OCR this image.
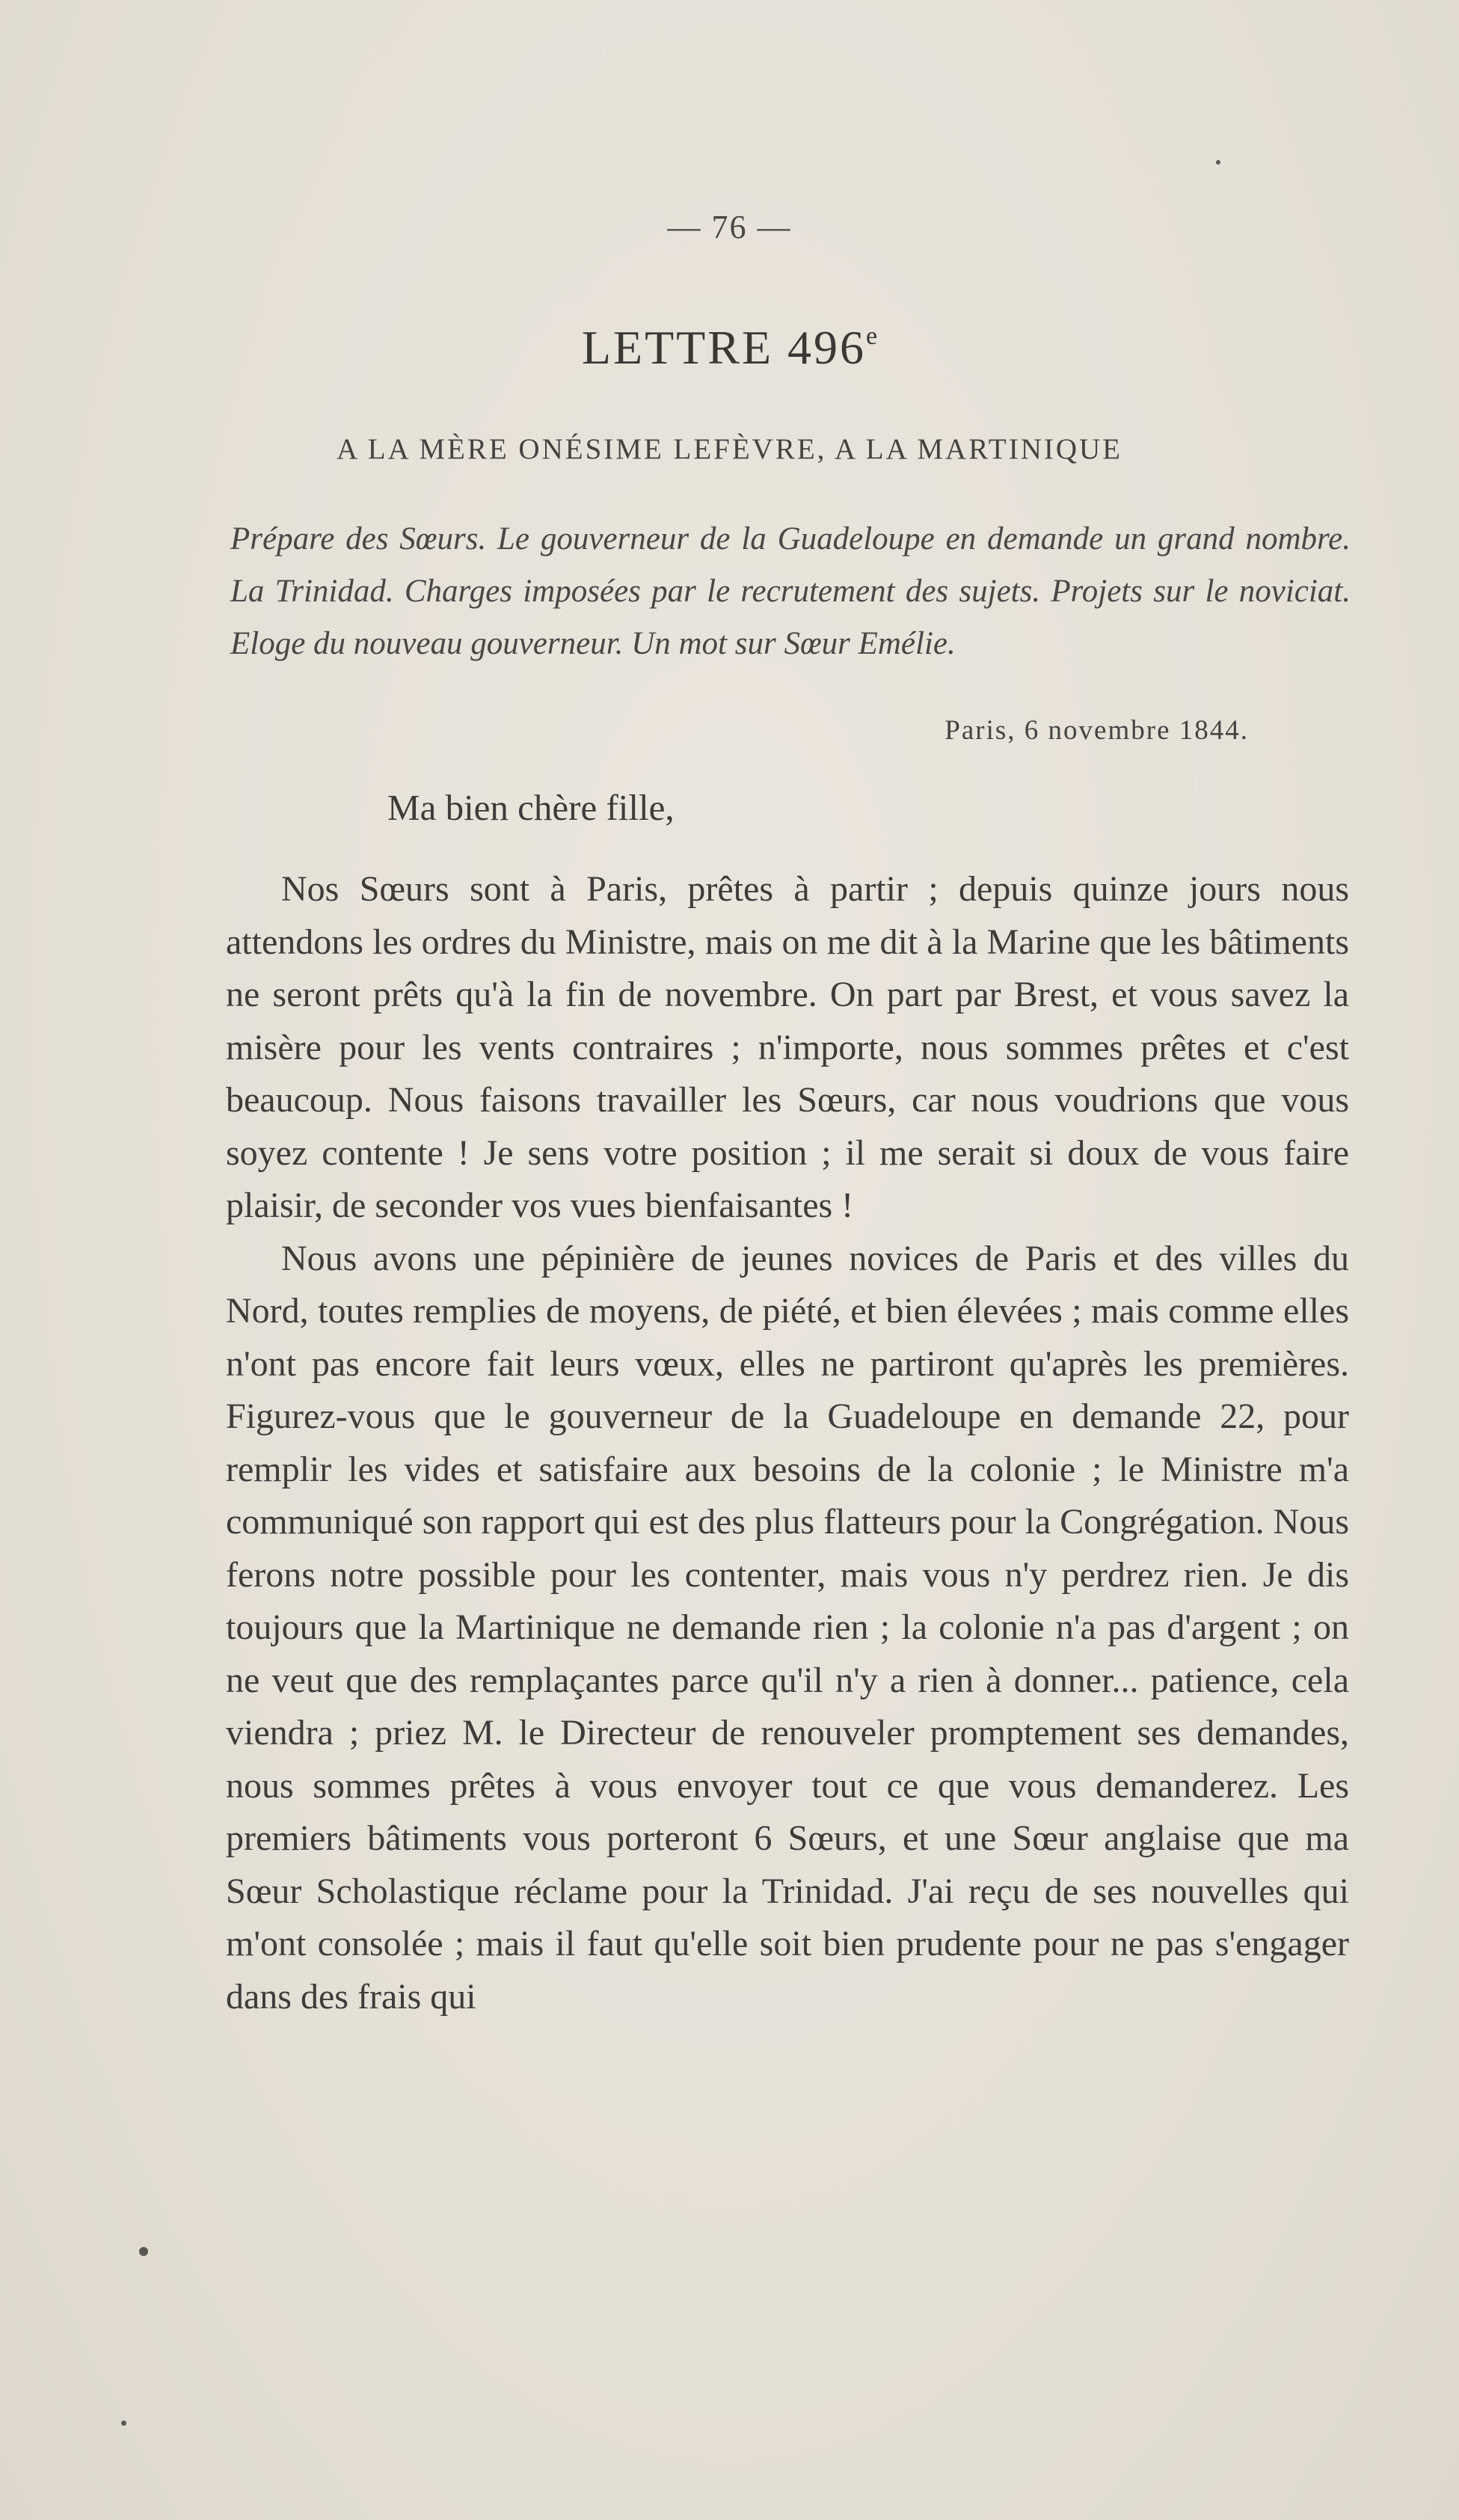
— 76 —
LETTRE 496e
A LA MÈRE ONÉSIME LEFÈVRE, A LA MARTINIQUE
Prépare des Sœurs. Le gouverneur de la Guadeloupe en demande un grand nombre. La Trinidad. Charges imposées par le recrutement des sujets. Projets sur le noviciat. Eloge du nouveau gouverneur. Un mot sur Sœur Emélie.
Paris, 6 novembre 1844.
Ma bien chère fille,

Nos Sœurs sont à Paris, prêtes à partir ; depuis quinze jours nous attendons les ordres du Ministre, mais on me dit à la Marine que les bâtiments ne seront prêts qu'à la fin de novembre. On part par Brest, et vous savez la misère pour les vents contraires ; n'importe, nous sommes prêtes et c'est beaucoup. Nous faisons travailler les Sœurs, car nous voudrions que vous soyez contente ! Je sens votre position ; il me serait si doux de vous faire plaisir, de seconder vos vues bienfaisantes !

Nous avons une pépinière de jeunes novices de Paris et des villes du Nord, toutes remplies de moyens, de piété, et bien élevées ; mais comme elles n'ont pas encore fait leurs vœux, elles ne partiront qu'après les premières. Figurez-vous que le gouverneur de la Guadeloupe en demande 22, pour remplir les vides et satisfaire aux besoins de la colonie ; le Ministre m'a communiqué son rapport qui est des plus flatteurs pour la Congrégation. Nous ferons notre possible pour les contenter, mais vous n'y perdrez rien. Je dis toujours que la Martinique ne demande rien ; la colonie n'a pas d'argent ; on ne veut que des remplaçantes parce qu'il n'y a rien à donner... patience, cela viendra ; priez M. le Directeur de renouveler promptement ses demandes, nous sommes prêtes à vous envoyer tout ce que vous demanderez. Les premiers bâtiments vous porteront 6 Sœurs, et une Sœur anglaise que ma Sœur Scholastique réclame pour la Trinidad. J'ai reçu de ses nouvelles qui m'ont consolée ; mais il faut qu'elle soit bien prudente pour ne pas s'engager dans des frais qui
